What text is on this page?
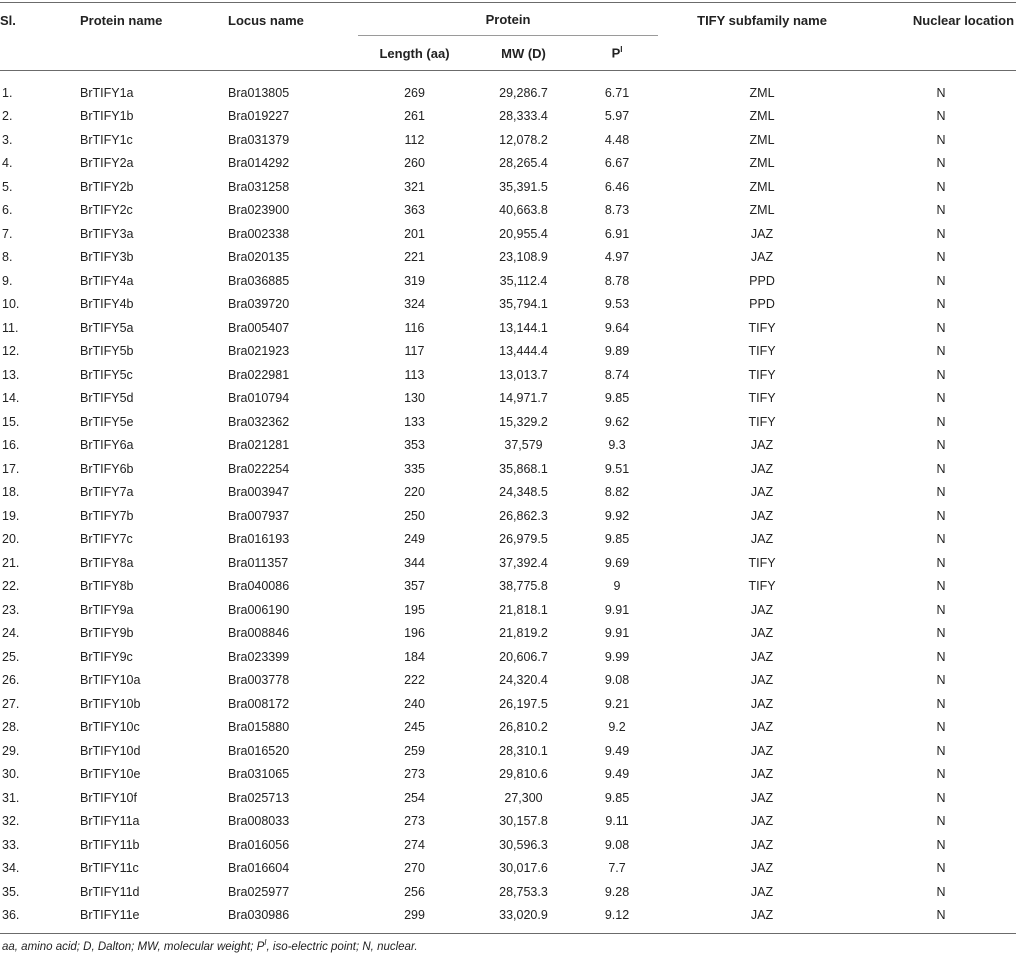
Sl.	Protein name	Locus name	Protein			TIFY subfamily name	Nuclear location
			Length (aa)	MW (D)	$P^I$
1.	BrTIFY1a	Bra013805	269	29,286.7	6.71	ZML	N
2.	BrTIFY1b	Bra019227	261	28,333.4	5.97	ZML	N
3.	BrTIFY1c	Bra031379	112	12,078.2	4.48	ZML	N
4.	BrTIFY2a	Bra014292	260	28,265.4	6.67	ZML	N
5.	BrTIFY2b	Bra031258	321	35,391.5	6.46	ZML	N
6.	BrTIFY2c	Bra023900	363	40,663.8	8.73	ZML	N
7.	BrTIFY3a	Bra002338	201	20,955.4	6.91	JAZ	N
8.	BrTIFY3b	Bra020135	221	23,108.9	4.97	JAZ	N
9.	BrTIFY4a	Bra036885	319	35,112.4	8.78	PPD	N
10.	BrTIFY4b	Bra039720	324	35,794.1	9.53	PPD	N
11.	BrTIFY5a	Bra005407	116	13,144.1	9.64	TIFY	N
12.	BrTIFY5b	Bra021923	117	13,444.4	9.89	TIFY	N
13.	BrTIFY5c	Bra022981	113	13,013.7	8.74	TIFY	N
14.	BrTIFY5d	Bra010794	130	14,971.7	9.85	TIFY	N
15.	BrTIFY5e	Bra032362	133	15,329.2	9.62	TIFY	N
16.	BrTIFY6a	Bra021281	353	37,579	9.3	JAZ	N
17.	BrTIFY6b	Bra022254	335	35,868.1	9.51	JAZ	N
18.	BrTIFY7a	Bra003947	220	24,348.5	8.82	JAZ	N
19.	BrTIFY7b	Bra007937	250	26,862.3	9.92	JAZ	N
20.	BrTIFY7c	Bra016193	249	26,979.5	9.85	JAZ	N
21.	BrTIFY8a	Bra011357	344	37,392.4	9.69	TIFY	N
22.	BrTIFY8b	Bra040086	357	38,775.8	9	TIFY	N
23.	BrTIFY9a	Bra006190	195	21,818.1	9.91	JAZ	N
24.	BrTIFY9b	Bra008846	196	21,819.2	9.91	JAZ	N
25.	BrTIFY9c	Bra023399	184	20,606.7	9.99	JAZ	N
26.	BrTIFY10a	Bra003778	222	24,320.4	9.08	JAZ	N
27.	BrTIFY10b	Bra008172	240	26,197.5	9.21	JAZ	N
28.	BrTIFY10c	Bra015880	245	26,810.2	9.2	JAZ	N
29.	BrTIFY10d	Bra016520	259	28,310.1	9.49	JAZ	N
30.	BrTIFY10e	Bra031065	273	29,810.6	9.49	JAZ	N
31.	BrTIFY10f	Bra025713	254	27,300	9.85	JAZ	N
32.	BrTIFY11a	Bra008033	273	30,157.8	9.11	JAZ	N
33.	BrTIFY11b	Bra016056	274	30,596.3	9.08	JAZ	N
34.	BrTIFY11c	Bra016604	270	30,017.6	7.7	JAZ	N
35.	BrTIFY11d	Bra025977	256	28,753.3	9.28	JAZ	N
36.	BrTIFY11e	Bra030986	299	33,020.9	9.12	JAZ	N
aa, amino acid; D, Dalton; MW, molecular weight; $P^I$, iso-electric point; N, nuclear.
